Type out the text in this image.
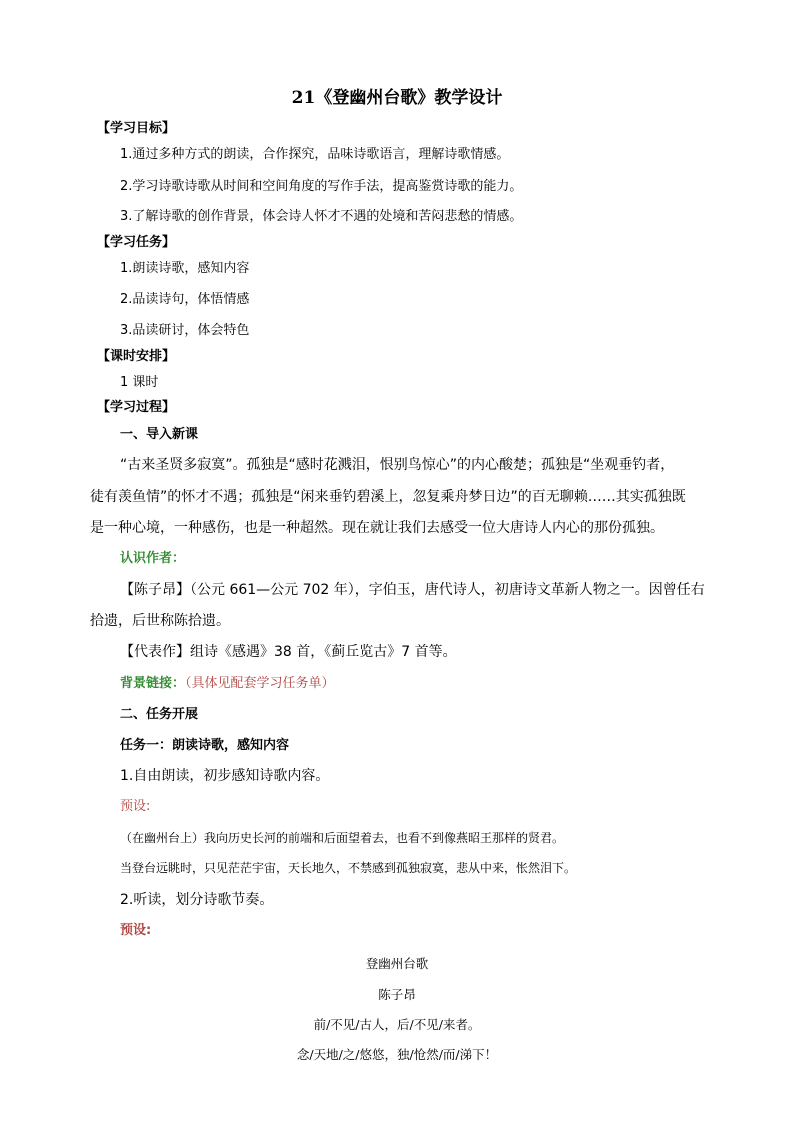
21《登幽州台歌》教学设计
【学习目标】
1.通过多种方式的朗读，合作探究，品味诗歌语言，理解诗歌情感。
2.学习诗歌诗歌从时间和空间角度的写作手法，提高鉴赏诗歌的能力。
3.了解诗歌的创作背景，体会诗人怀才不遇的处境和苦闷悲愁的情感。
【学习任务】
1.朗读诗歌，感知内容
2.品读诗句，体悟情感
3.品读研讨，体会特色
【课时安排】
1 课时
【学习过程】
一、导入新课
“古来圣贤多寂寞”。孤独是“感时花溅泪，恨别鸟惊心”的内心酸楚；孤独是“坐观垂钓者，
徒有羡鱼情”的怀才不遇；孤独是“闲来垂钓碧溪上，忽复乘舟梦日边”的百无聊赖……其实孤独既
是一种心境，一种感伤，也是一种超然。现在就让我们去感受一位大唐诗人内心的那份孤独。
认识作者：
【陈子昂】（公元 661—公元 702 年），字伯玉，唐代诗人，初唐诗文革新人物之一。因曾任右
拾遗，后世称陈拾遗。
【代表作】组诗《感遇》38 首，《蓟丘览古》7 首等。
背景链接：（具体见配套学习任务单）
二、任务开展
任务一：朗读诗歌，感知内容
1.自由朗读，初步感知诗歌内容。
预设:
（在幽州台上）我向历史长河的前端和后面望着去，也看不到像燕昭王那样的贤君。
当登台远眺时，只见茫茫宇宙，天长地久，不禁感到孤独寂寞，悲从中来，怅然泪下。
2.听读，划分诗歌节奏。
预设:
登幽州台歌
陈子昂
前/不见/古人，后/不见/来者。
念/天地/之/悠悠，独/怆然/而/涕下！
